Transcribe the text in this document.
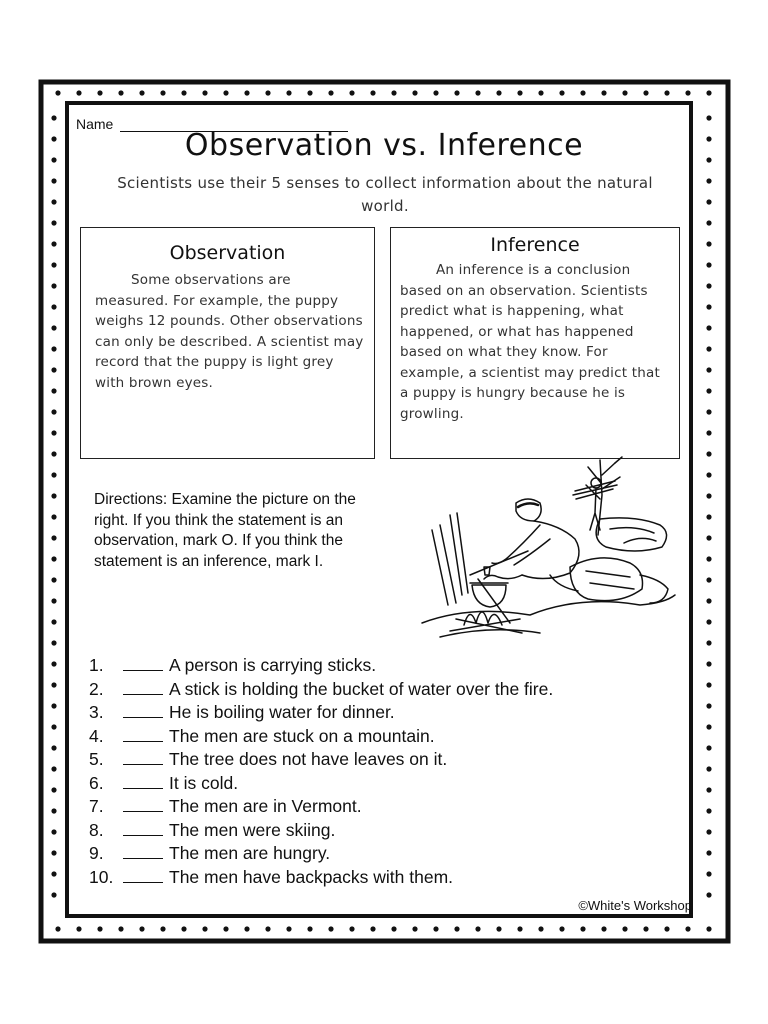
Name
Observation vs. Inference
Scientists use their 5 senses to collect information about the natural world.
Observation
Some observations are measured. For example, the puppy weighs 12 pounds. Other observations can only be described. A scientist may record that the puppy is light grey with brown eyes.
Inference
An inference is a conclusion based on an observation. Scientists predict what is happening, what happened, or what has happened based on what they know. For example, a scientist may predict that a puppy is hungry because he is growling.
Directions: Examine the picture on the right. If you think the statement is an observation, mark O. If you think the statement is an inference, mark I.
1.	A person is carrying sticks.
2.	A stick is holding the bucket of water over the fire.
3.	He is boiling water for dinner.
4.	The men are stuck on a mountain.
5.	The tree does not have leaves on it.
6.	It is cold.
7.	The men are in Vermont.
8.	The men were skiing.
9.	The men are hungry.
10.	The men have backpacks with them.
©White's Workshop
